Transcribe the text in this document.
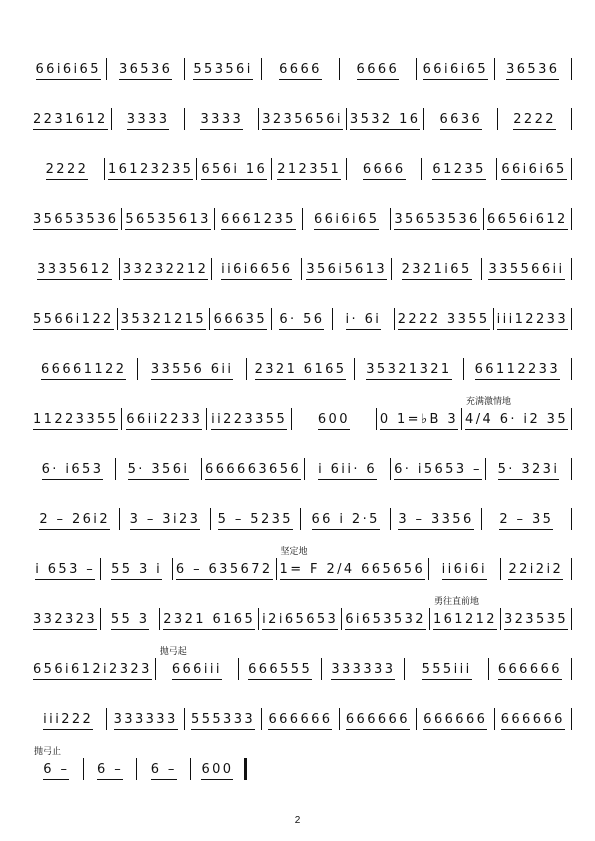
66i6i65 36536 55356i 6666	6666 66i6i65 36536
2231612 3333 3333 3235656i 3532 16 6636 2222
2222 16123235 656i 16 212351 6666 61235 66i6i65
35653536 56535613 6661235 66i6i65 35653536 6656i612
3335612 33232212 ii6i6656 356i5613 2321i65 335566ii
5566i122 35321215 66635 6· 56 i· 6i 2222 3355 iii12233
66661122 33556 6ii 2321 6165 35321321 66112233
11223355 66ii2233 ii223355 600 0 1=♭B 3 4/4 6· i2 35
充满激情地
6· i653 5· 356i 666663656 i 6ii· 6 6· i5653 – 5· 323i
2 – 26i2 3 – 3i23 5 – 5235 66 i 2·5 3 – 3356 2 – 35
i 653 – 55 3 i 6 – 635672 1= F 2/4 665656
坚定地
ii6i6i 22i2i2
332323 55 3 2321 6165 i2i65653 6i653532 161212
勇往直前地
323535
656i612i2323 666iii
抛弓起
666555 333333 555iii 666666
iii222 333333 555333 666666 666666 666666 666666
6 –
抛弓止
6 – 6 – 600
2
